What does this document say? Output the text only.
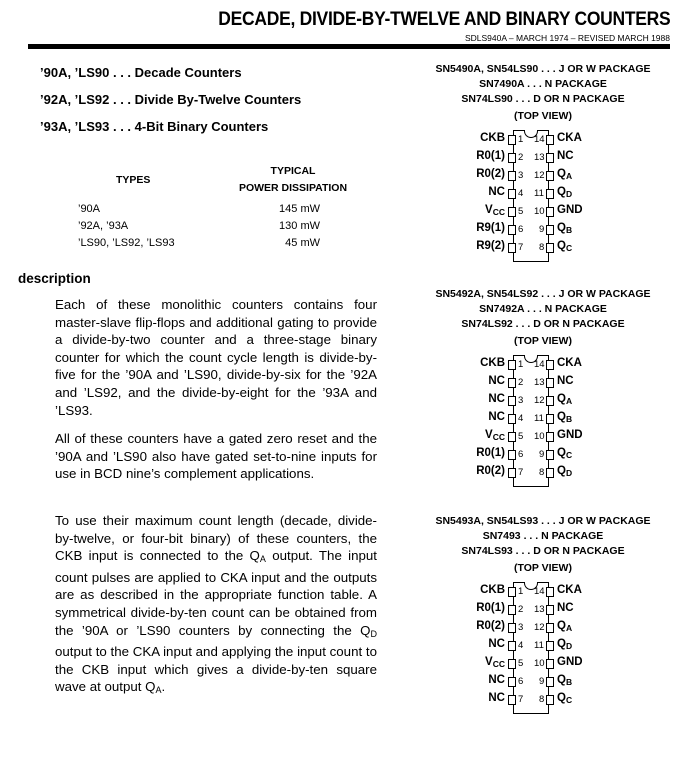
DECADE, DIVIDE-BY-TWELVE AND BINARY COUNTERS
SDLS940A – MARCH 1974 – REVISED MARCH 1988
’90A, ’LS90 . . . Decade Counters
’92A, ’LS92 . . . Divide By-Twelve Counters
’93A, ’LS93 . . . 4-Bit Binary Counters
TYPES
TYPICAL
POWER DISSIPATION
’90A	145 mW
’92A, ’93A	130 mW
’LS90, ’LS92, ’LS93	45 mW
description
Each of these monolithic counters contains four master-slave flip-flops and additional gating to provide a divide-by-two counter and a three-stage binary counter for which the count cycle length is divide-by-five for the ’90A and ’LS90, divide-by-six for the ’92A and ’LS92, and the divide-by-eight for the ’93A and ’LS93.
All of these counters have a gated zero reset and the ’90A and ’LS90 also have gated set-to-nine inputs for use in BCD nine’s complement applications.
To use their maximum count length (decade, divide-by-twelve, or four-bit binary) of these counters, the CKB input is connected to the $Q_A$ output. The input count pulses are applied to CKA input and the outputs are as described in the appropriate function table. A symmetrical divide-by-ten count can be obtained from the ’90A or ’LS90 counters by connecting the $Q_D$ output to the CKA input and applying the input count to the CKB input which gives a divide-by-ten square wave at output $Q_A$.
SN5490A, SN54LS90 . . . J OR W PACKAGE
SN7490A . . . N PACKAGE
SN74LS90 . . . D OR N PACKAGE
(TOP VIEW)
1
CKB
2
R0(1)
3
R0(2)
4
NC
5
$V_{CC}$
6
R9(1)
7
R9(2)
14 CKA
13 NC
12 $Q_A$
11 $Q_D$
10 GND
9 $Q_B$
8 $Q_C$
SN5492A, SN54LS92 . . . J OR W PACKAGE
SN7492A . . . N PACKAGE
SN74LS92 . . . D OR N PACKAGE
(TOP VIEW)
1
CKB
2
NC
3
NC
4
NC
5
$V_{CC}$
6
R0(1)
7
R0(2)
14 CKA
13 NC
12 $Q_A$
11 $Q_B$
10 GND
9 $Q_C$
8 $Q_D$
SN5493A, SN54LS93 . . . J OR W PACKAGE
SN7493 . . . N PACKAGE
SN74LS93 . . . D OR N PACKAGE
(TOP VIEW)
1
CKB
2
R0(1)
3
R0(2)
4
NC
5
$V_{CC}$
6
NC
7
NC
14 CKA
13 NC
12 $Q_A$
11 $Q_D$
10 GND
9 $Q_B$
8 $Q_C$
